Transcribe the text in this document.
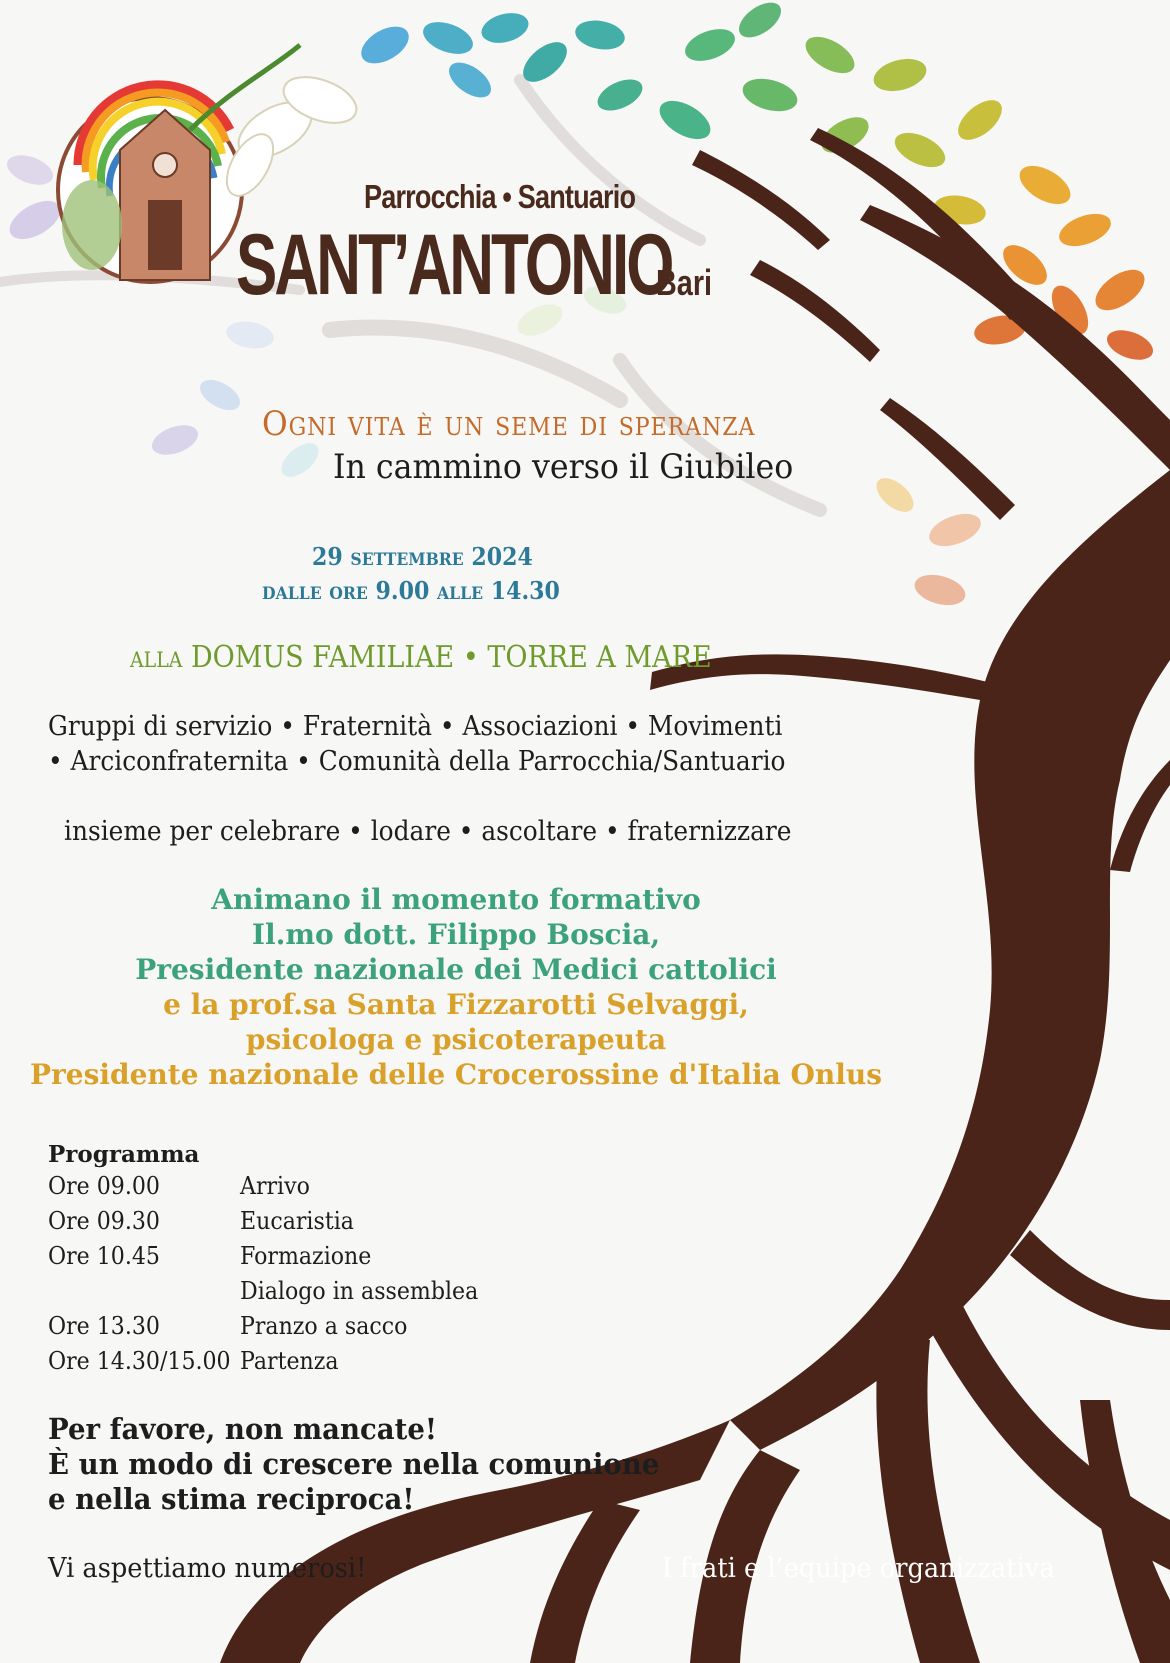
Parrocchia • Santuario
SANT’ANTONIO
Bari
Ogni vita è un seme di speranza
In cammino verso il Giubileo
29 settembre 2024
dalle ore 9.00 alle 14.30
alla DOMUS FAMILIAE • TORRE A MARE
Gruppi di servizio • Fraternità • Associazioni • Movimenti
• Arciconfraternita • Comunità della Parrocchia/Santuario
insieme per celebrare • lodare • ascoltare • fraternizzare
Animano il momento formativo
Il.mo dott. Filippo Boscia,
Presidente nazionale dei Medici cattolici
e la prof.sa Santa Fizzarotti Selvaggi,
psicologa e psicoterapeuta
Presidente nazionale delle Crocerossine d'Italia Onlus
Programma
Ore 09.00	Arrivo
Ore 09.30	Eucaristia
Ore 10.45	Formazione
Dialogo in assemblea
Ore 13.30	Pranzo a sacco
Ore 14.30/15.00 Partenza
Per favore, non mancate!
È un modo di crescere nella comunione
e nella stima reciproca!
Vi aspettiamo numerosi!	I frati e l’equipe organizzativa
